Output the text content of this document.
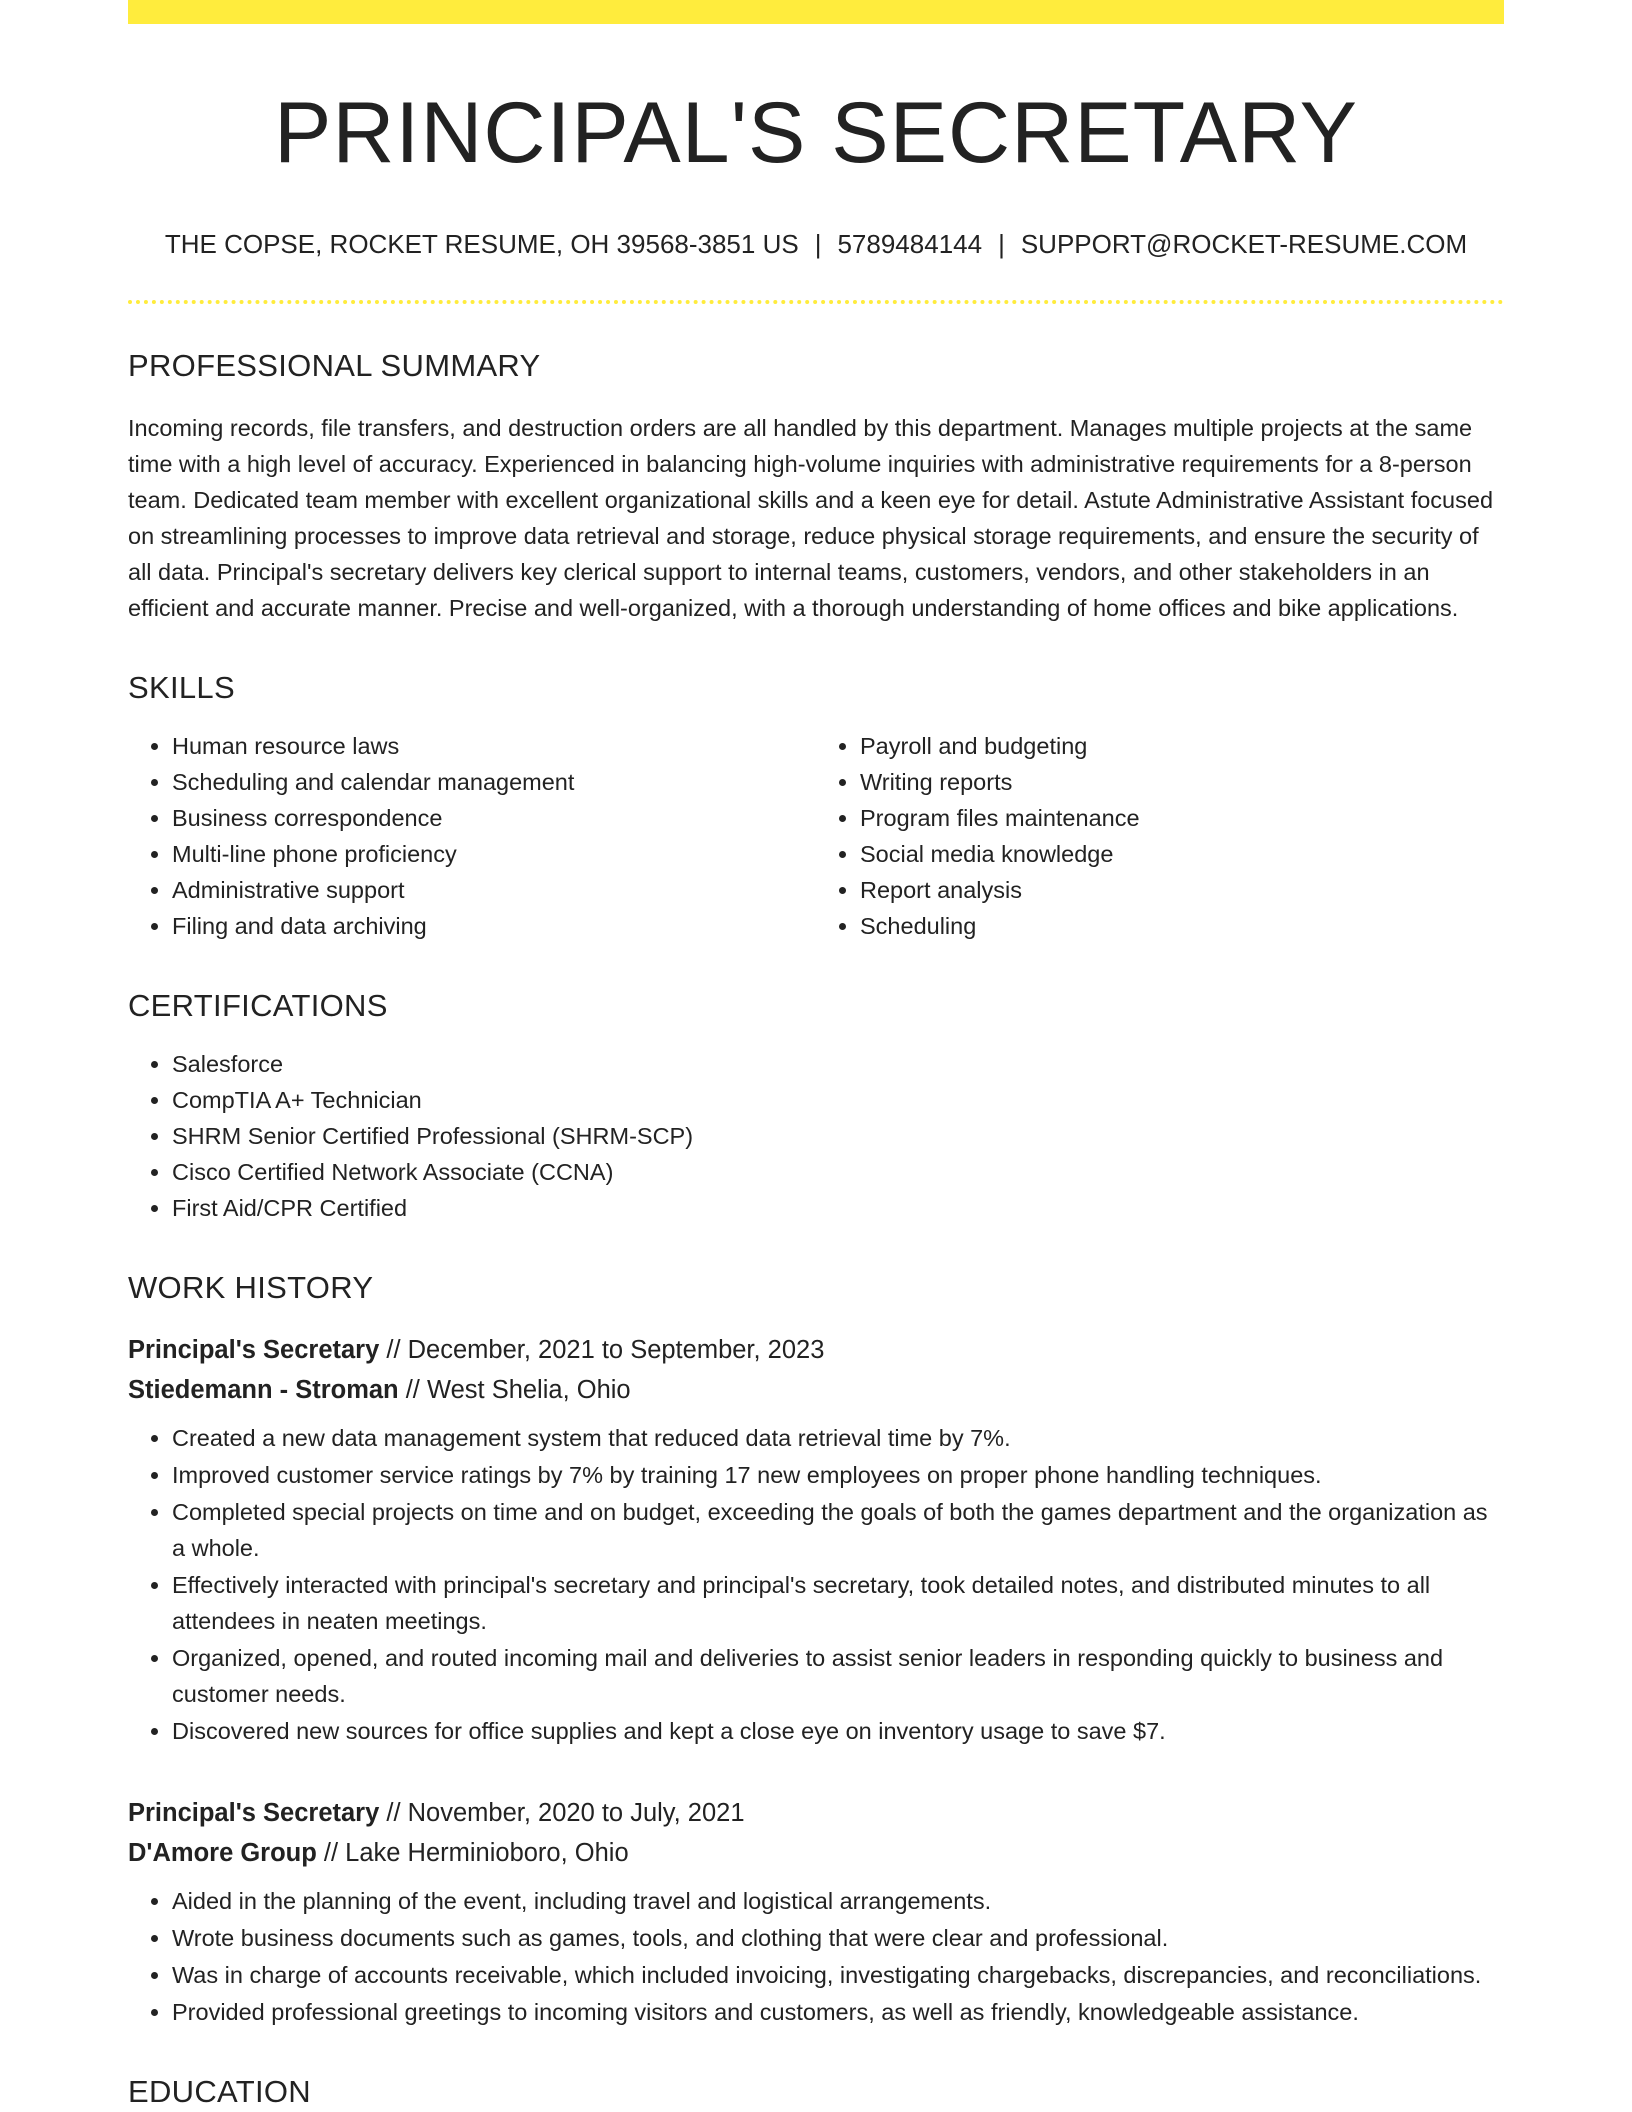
PRINCIPAL'S SECRETARY
THE COPSE, ROCKET RESUME, OH 39568-3851 US | 5789484144 | SUPPORT@ROCKET-RESUME.COM
PROFESSIONAL SUMMARY
Incoming records, file transfers, and destruction orders are all handled by this department. Manages multiple projects at the same time with a high level of accuracy. Experienced in balancing high-volume inquiries with administrative requirements for a 8-person team. Dedicated team member with excellent organizational skills and a keen eye for detail. Astute Administrative Assistant focused on streamlining processes to improve data retrieval and storage, reduce physical storage requirements, and ensure the security of all data. Principal's secretary delivers key clerical support to internal teams, customers, vendors, and other stakeholders in an efficient and accurate manner. Precise and well-organized, with a thorough understanding of home offices and bike applications.
SKILLS
• Human resource laws
• Scheduling and calendar management
• Business correspondence
• Multi-line phone proficiency
• Administrative support
• Filing and data archiving
• Payroll and budgeting
• Writing reports
• Program files maintenance
• Social media knowledge
• Report analysis
• Scheduling
CERTIFICATIONS
• Salesforce
• CompTIA A+ Technician
• SHRM Senior Certified Professional (SHRM-SCP)
• Cisco Certified Network Associate (CCNA)
• First Aid/CPR Certified
WORK HISTORY
Principal's Secretary // December, 2021 to September, 2023
Stiedemann - Stroman // West Shelia, Ohio
• Created a new data management system that reduced data retrieval time by 7%.
• Improved customer service ratings by 7% by training 17 new employees on proper phone handling techniques.
• Completed special projects on time and on budget, exceeding the goals of both the games department and the organization as a whole.
• Effectively interacted with principal's secretary and principal's secretary, took detailed notes, and distributed minutes to all attendees in neaten meetings.
• Organized, opened, and routed incoming mail and deliveries to assist senior leaders in responding quickly to business and customer needs.
• Discovered new sources for office supplies and kept a close eye on inventory usage to save $7.
Principal's Secretary // November, 2020 to July, 2021
D'Amore Group // Lake Herminioboro, Ohio
• Aided in the planning of the event, including travel and logistical arrangements.
• Wrote business documents such as games, tools, and clothing that were clear and professional.
• Was in charge of accounts receivable, which included invoicing, investigating chargebacks, discrepancies, and reconciliations.
• Provided professional greetings to incoming visitors and customers, as well as friendly, knowledgeable assistance.
EDUCATION
